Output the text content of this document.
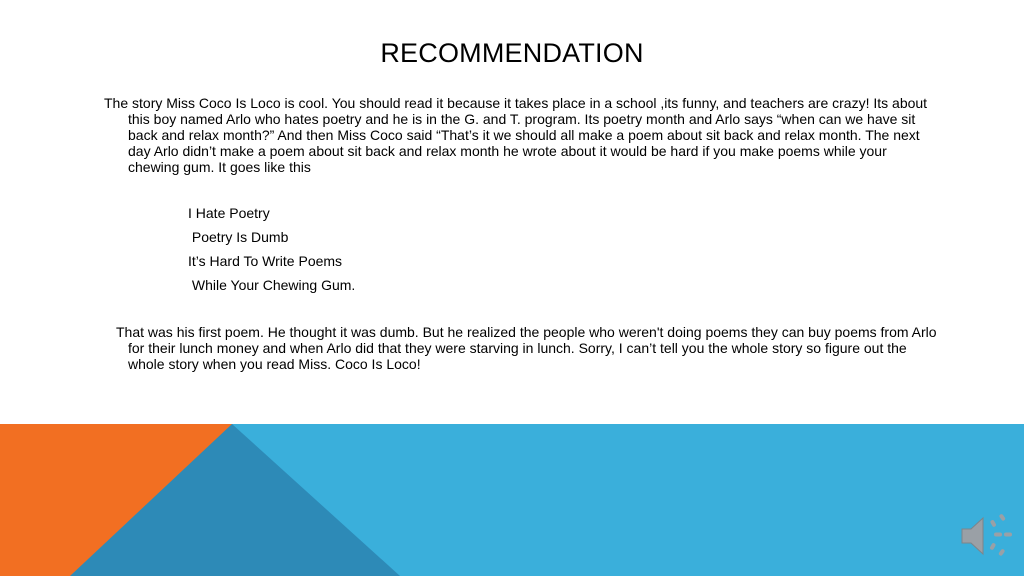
RECOMMENDATION
The story Miss Coco Is Loco is cool. You should read it because it takes place in a school ,its funny, and teachers are crazy! Its about this boy named Arlo who hates poetry and he is in the G. and T. program. Its poetry month and Arlo says “when can we have sit back and relax month?” And then Miss Coco said “That’s it we should all make a poem about sit back and relax month. The next day Arlo didn’t make a poem about sit back and relax month he wrote about it would be hard if you make poems while your chewing gum. It goes like this
I Hate Poetry
Poetry Is Dumb
It’s Hard To Write Poems
While Your Chewing Gum.
That was his first poem. He thought it was dumb. But he realized the people who weren't doing poems they can buy poems from Arlo for their lunch money and when Arlo did that they were starving in lunch. Sorry, I can’t tell you the whole story so figure out the whole story when you read Miss. Coco Is Loco!
